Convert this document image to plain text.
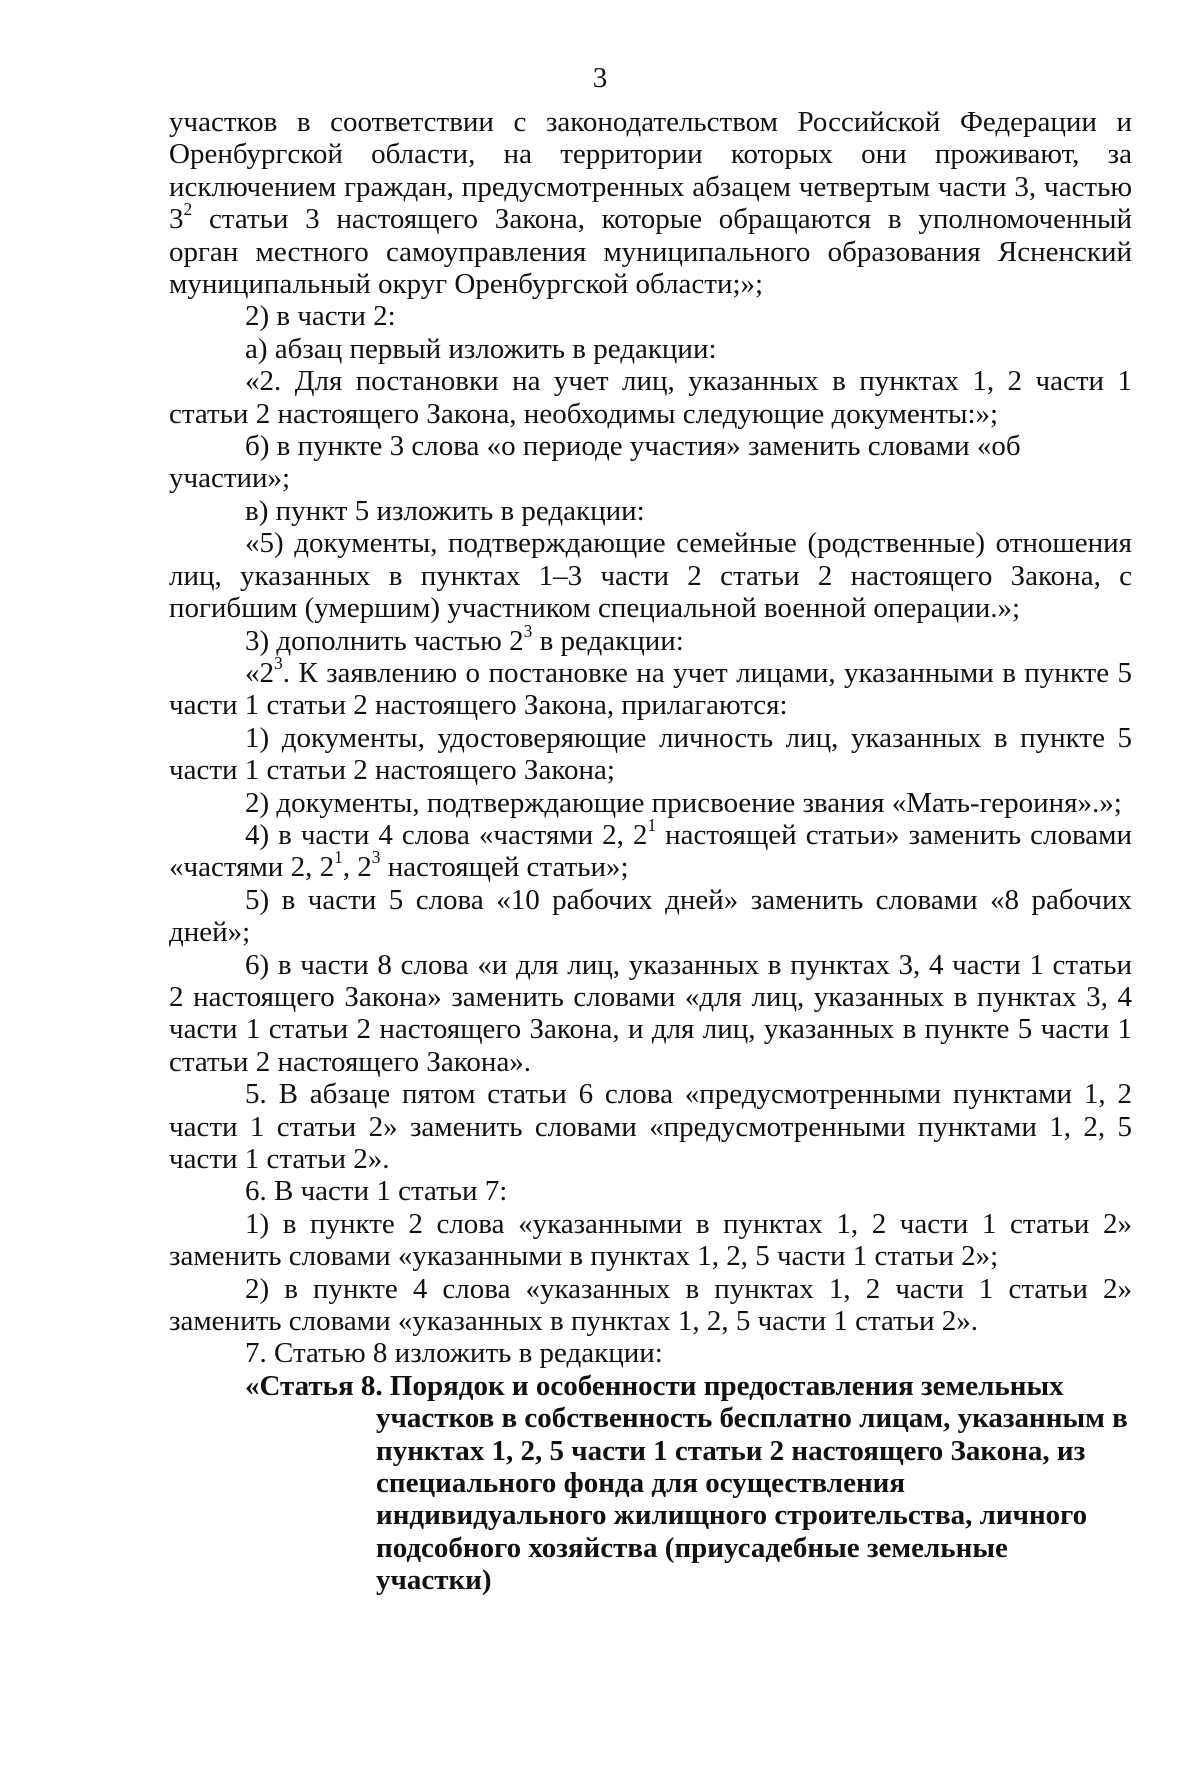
3

участков в соответствии с законодательством Российской Федерации и Оренбургской области, на территории которых они проживают, за исключением граждан, предусмотренных абзацем четвертым части 3, частью $3^2$ статьи 3 настоящего Закона, которые обращаются в уполномоченный орган местного самоуправления муниципального образования Ясненский муниципальный округ Оренбургской области;»;

2) в части 2:

а) абзац первый изложить в редакции:

«2. Для постановки на учет лиц, указанных в пунктах 1, 2 части 1 статьи 2 настоящего Закона, необходимы следующие документы:»;

б) в пункте 3 слова «о периоде участия» заменить словами «об участии»;

в) пункт 5 изложить в редакции:

«5) документы, подтверждающие семейные (родственные) отношения лиц, указанных в пунктах 1–3 части 2 статьи 2 настоящего Закона, с погибшим (умершим) участником специальной военной операции.»;

3) дополнить частью $2^3$ в редакции:

«$2^3$. К заявлению о постановке на учет лицами, указанными в пункте 5 части 1 статьи 2 настоящего Закона, прилагаются:

1) документы, удостоверяющие личность лиц, указанных в пункте 5 части 1 статьи 2 настоящего Закона;

2) документы, подтверждающие присвоение звания «Мать-героиня».»;

4) в части 4 слова «частями 2, $2^1$ настоящей статьи» заменить словами «частями 2, $2^1$, $2^3$ настоящей статьи»;

5) в части 5 слова «10 рабочих дней» заменить словами «8 рабочих дней»;

6) в части 8 слова «и для лиц, указанных в пунктах 3, 4 части 1 статьи 2 настоящего Закона» заменить словами «для лиц, указанных в пунктах 3, 4 части 1 статьи 2 настоящего Закона, и для лиц, указанных в пункте 5 части 1 статьи 2 настоящего Закона».

5. В абзаце пятом статьи 6 слова «предусмотренными пунктами 1, 2 части 1 статьи 2» заменить словами «предусмотренными пунктами 1, 2, 5 части 1 статьи 2».

6. В части 1 статьи 7:

1) в пункте 2 слова «указанными в пунктах 1, 2 части 1 статьи 2» заменить словами «указанными в пунктах 1, 2, 5 части 1 статьи 2»;

2) в пункте 4 слова «указанных в пунктах 1, 2 части 1 статьи 2» заменить словами «указанных в пунктах 1, 2, 5 части 1 статьи 2».

7. Статью 8 изложить в редакции:

«Статья 8. Порядок и особенности предоставления земельных
участков в собственность бесплатно лицам, указанным в
пунктах 1, 2, 5 части 1 статьи 2 настоящего Закона, из
специального фонда для осуществления
индивидуального жилищного строительства, личного
подсобного хозяйства (приусадебные земельные
участки)
